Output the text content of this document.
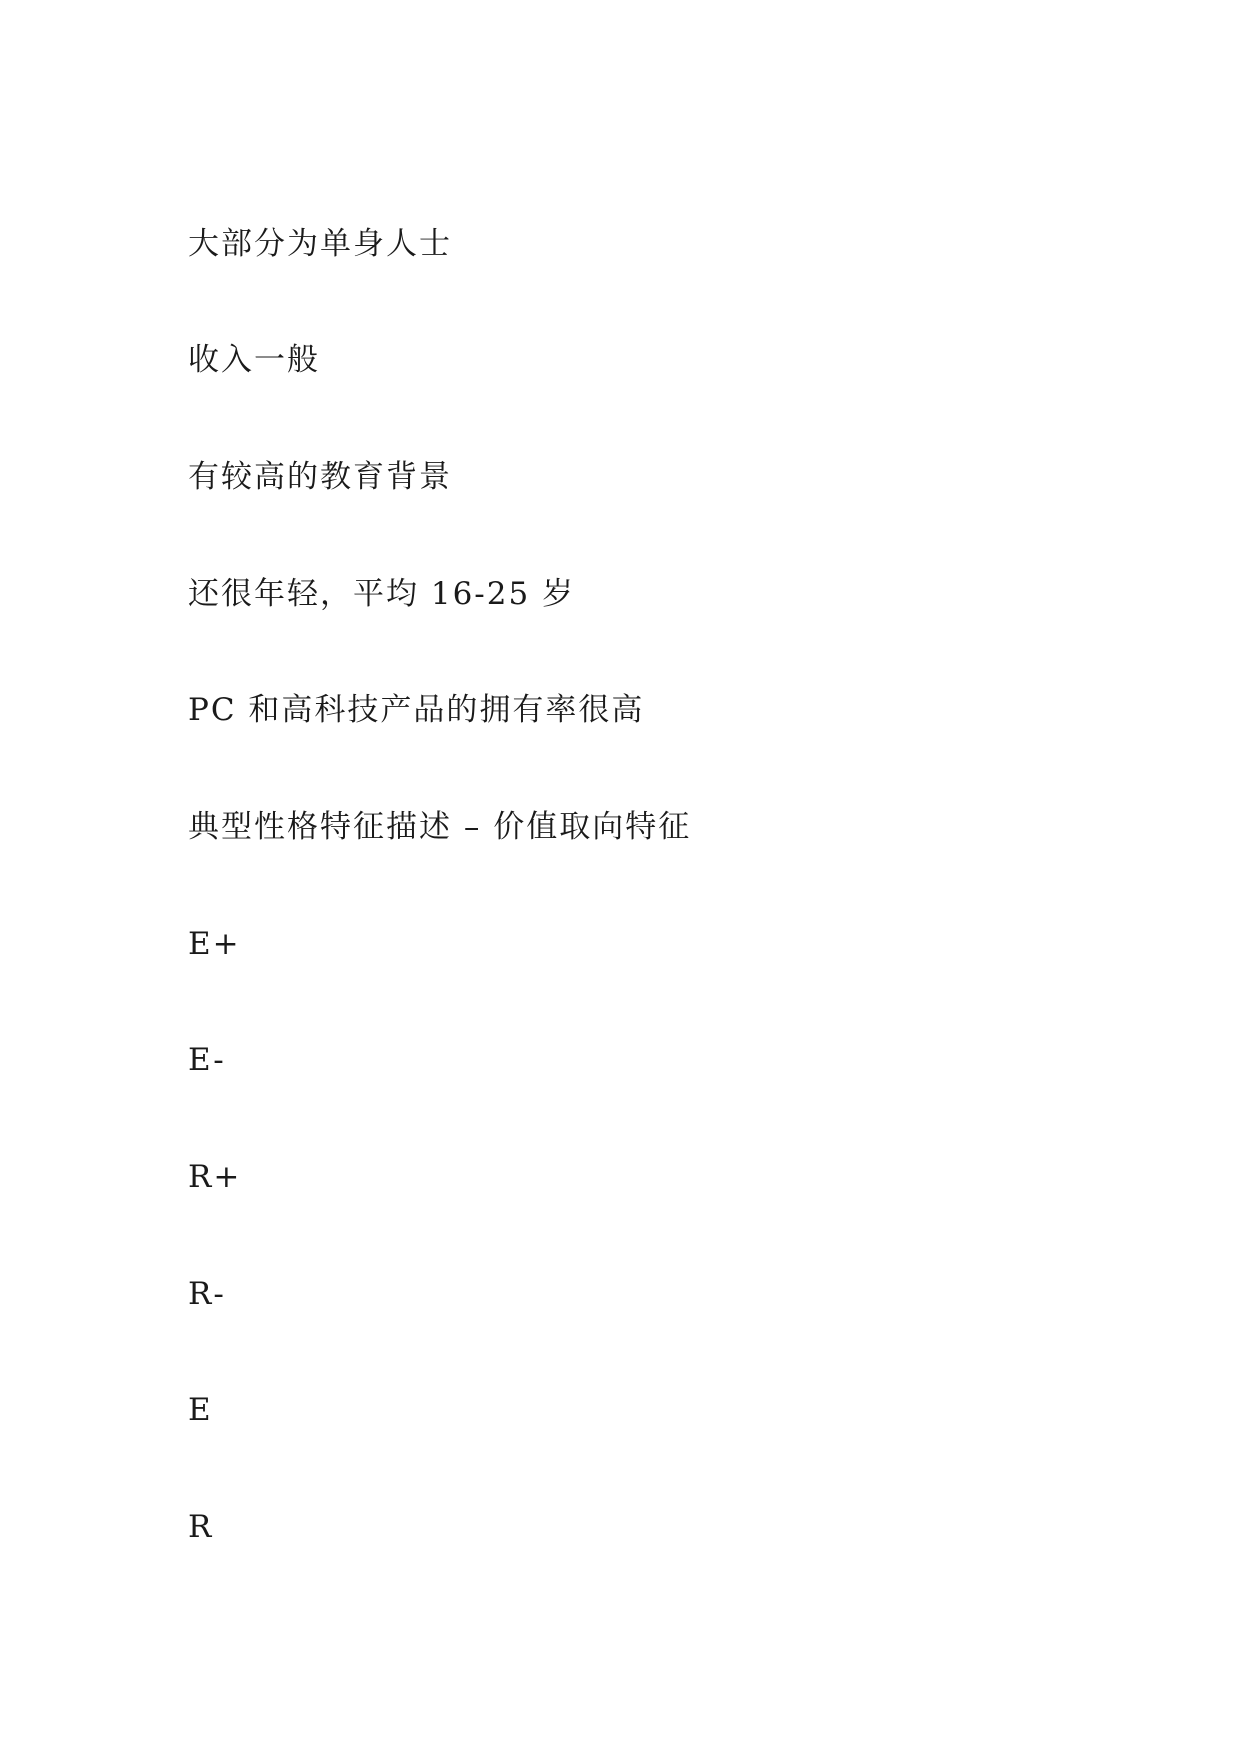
大部分为单身人士

收入一般

有较高的教育背景

还很年轻，平均 16-25 岁

PC 和高科技产品的拥有率很高

典型性格特征描述 – 价值取向特征

E+

E-

R+

R-

E

R
